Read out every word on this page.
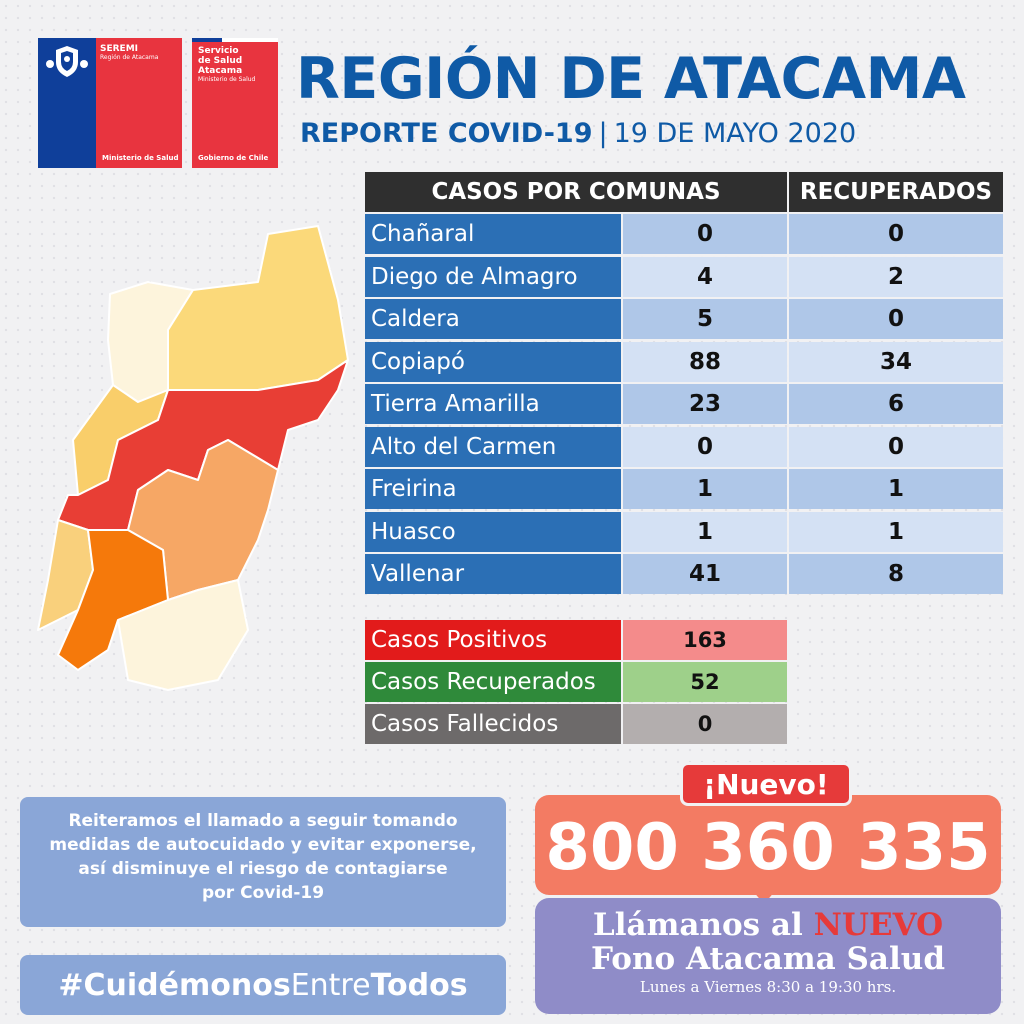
SEREMI
Región de Atacama
Ministerio de Salud
Servicio
de Salud
Atacama
Ministerio de Salud
Gobierno de Chile
REGIÓN DE ATACAMA
REPORTE COVID-19 | 19 DE MAYO 2020
CASOS POR COMUNAS	RECUPERADOS
Chañaral	0	0
Diego de Almagro	4	2
Caldera	5	0
Copiapó	88	34
Tierra Amarilla	23	6
Alto del Carmen	0	0
Freirina	1	1
Huasco	1	1
Vallenar	41	8
Casos Positivos	163
Casos Recuperados	52
Casos Fallecidos	0
Reiteramos el llamado a seguir tomando
medidas de autocuidado y evitar exponerse,
así disminuye el riesgo de contagiarse
por Covid-19
#Cuidémonos Entre Todos
800 360 335
¡Nuevo!
Llámanos al NUEVO
Fono Atacama Salud
Lunes a Viernes 8:30 a 19:30 hrs.
